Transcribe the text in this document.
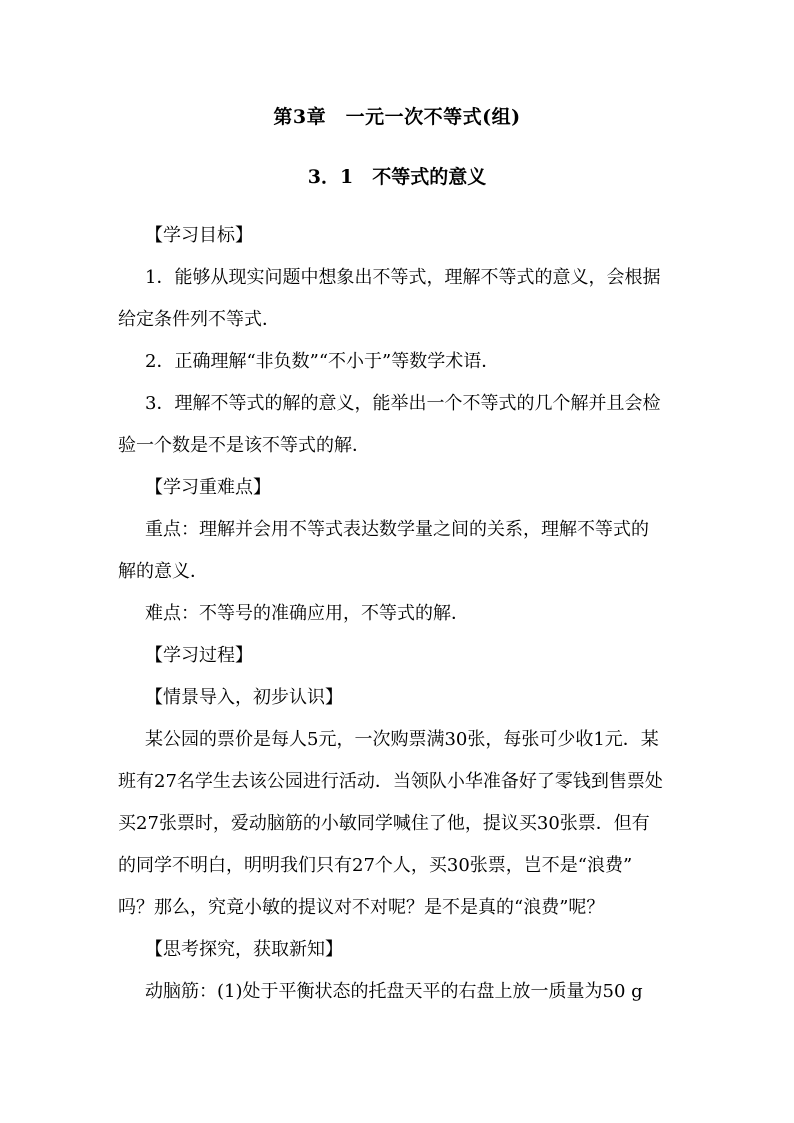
第3章　一元一次不等式(组)
3．1　不等式的意义
【学习目标】
1．能够从现实问题中想象出不等式，理解不等式的意义，会根据
给定条件列不等式．
2．正确理解“非负数”“不小于”等数学术语．
3．理解不等式的解的意义，能举出一个不等式的几个解并且会检
验一个数是不是该不等式的解．
【学习重难点】
重点：理解并会用不等式表达数学量之间的关系，理解不等式的
解的意义．
难点：不等号的准确应用，不等式的解．
【学习过程】
【情景导入，初步认识】
某公园的票价是每人5元，一次购票满30张，每张可少收1元．某
班有27名学生去该公园进行活动．当领队小华准备好了零钱到售票处
买27张票时，爱动脑筋的小敏同学喊住了他，提议买30张票．但有
的同学不明白，明明我们只有27个人，买30张票，岂不是“浪费”
吗？那么，究竟小敏的提议对不对呢？是不是真的“浪费”呢？
【思考探究，获取新知】
动脑筋：(1)处于平衡状态的托盘天平的右盘上放一质量为50 g
